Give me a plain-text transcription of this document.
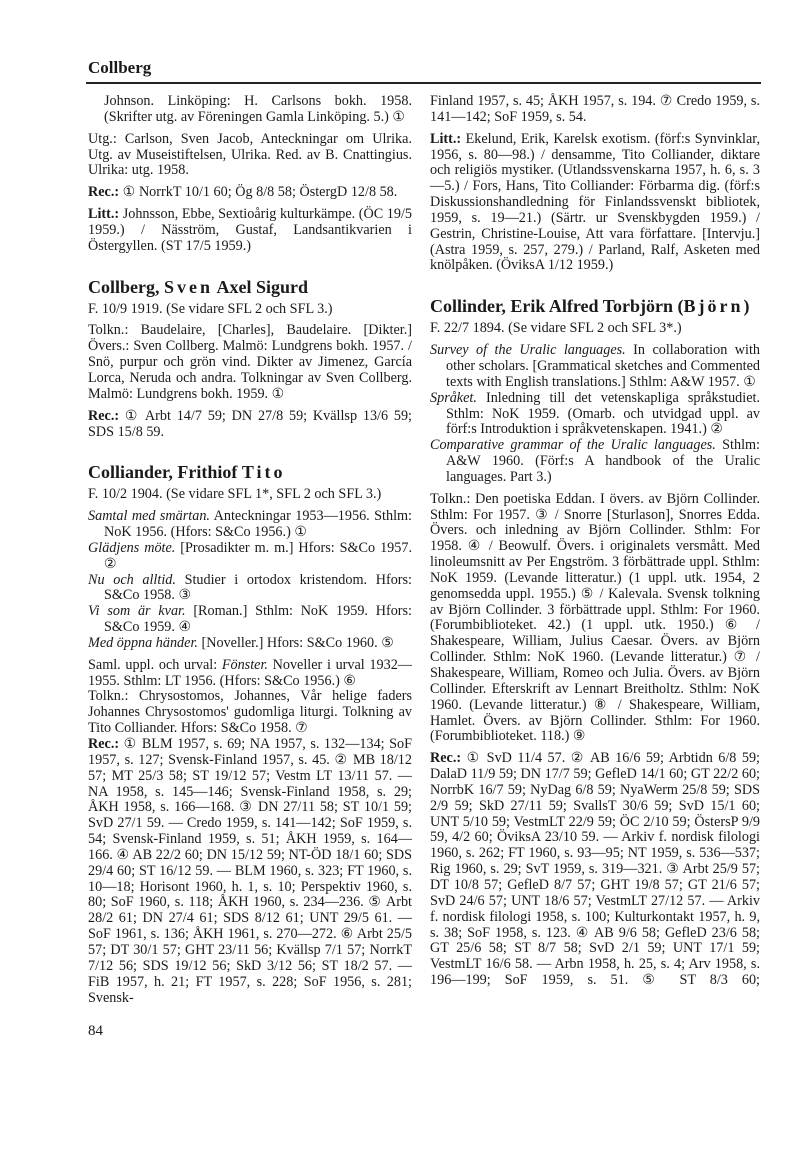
Collberg
Johnson. Linköping: H. Carlsons bokh. 1958. (Skrifter utg. av Föreningen Gamla Linköping. 5.) ①
Utg.: Carlson, Sven Jacob, Anteckningar om Ulrika. Utg. av Museistiftelsen, Ulrika. Red. av B. Cnattingius. Ulrika: utg. 1958.
Rec.: ① NorrkT 10/1 60; Ög 8/8 58; ÖstergD 12/8 58.
Litt.: Johnsson, Ebbe, Sextioårig kulturkämpe. (ÖC 19/5 1959.) / Näsström, Gustaf, Landsantikvarien i Östergyllen. (ST 17/5 1959.)
Collberg, Sven Axel Sigurd
F. 10/9 1919. (Se vidare SFL 2 och SFL 3.)
Tolkn.: Baudelaire, [Charles], Baudelaire. [Dikter.] Övers.: Sven Collberg. Malmö: Lundgrens bokh. 1957. / Snö, purpur och grön vind. Dikter av Jimenez, García Lorca, Neruda och andra. Tolkningar av Sven Collberg. Malmö: Lundgrens bokh. 1959. ①
Rec.: ① Arbt 14/7 59; DN 27/8 59; Kvällsp 13/6 59; SDS 15/8 59.
Colliander, Frithiof Tito
F. 10/2 1904. (Se vidare SFL 1*, SFL 2 och SFL 3.)
Samtal med smärtan. Anteckningar 1953—1956. Sthlm: NoK 1956. (Hfors: S&Co 1956.) ①
Glädjens möte. [Prosadikter m. m.] Hfors: S&Co 1957. ②
Nu och alltid. Studier i ortodox kristendom. Hfors: S&Co 1958. ③
Vi som är kvar. [Roman.] Sthlm: NoK 1959. Hfors: S&Co 1959. ④
Med öppna händer. [Noveller.] Hfors: S&Co 1960. ⑤
Saml. uppl. och urval: Fönster. Noveller i urval 1932—1955. Sthlm: LT 1956. (Hfors: S&Co 1956.) ⑥
Tolkn.: Chrysostomos, Johannes, Vår helige faders Johannes Chrysostomos' gudomliga liturgi. Tolkning av Tito Colliander. Hfors: S&Co 1958. ⑦
Rec.: ① BLM 1957, s. 69; NA 1957, s. 132—134; SoF 1957, s. 127; Svensk-Finland 1957, s. 45. ② MB 18/12 57; MT 25/3 58; ST 19/12 57; Vestm LT 13/11 57. — NA 1958, s. 145—146; Svensk-Finland 1958, s. 29; ÅKH 1958, s. 166—168. ③ DN 27/11 58; ST 10/1 59; SvD 27/1 59. — Credo 1959, s. 141—142; SoF 1959, s. 54; Svensk-Finland 1959, s. 51; ÅKH 1959, s. 164—166. ④ AB 22/2 60; DN 15/12 59; NT-ÖD 18/1 60; SDS 29/4 60; ST 16/12 59. — BLM 1960, s. 323; FT 1960, s. 10—18; Horisont 1960, h. 1, s. 10; Perspektiv 1960, s. 80; SoF 1960, s. 118; ÅKH 1960, s. 234—236. ⑤ Arbt 28/2 61; DN 27/4 61; SDS 8/12 61; UNT 29/5 61. — SoF 1961, s. 136; ÅKH 1961, s. 270—272. ⑥ Arbt 25/5 57; DT 30/1 57; GHT 23/11 56; Kvällsp 7/1 57; NorrkT 7/12 56; SDS 19/12 56; SkD 3/12 56; ST 18/2 57. — FiB 1957, h. 21; FT 1957, s. 228; SoF 1956, s. 281; Svensk-
84
Finland 1957, s. 45; ÅKH 1957, s. 194. ⑦ Credo 1959, s. 141—142; SoF 1959, s. 54.
Litt.: Ekelund, Erik, Karelsk exotism. (förf:s Synvinklar, 1956, s. 80—98.) / densamme, Tito Colliander, diktare och religiös mystiker. (Utlandssvenskarna 1957, h. 6, s. 3—5.) / Fors, Hans, Tito Colliander: Förbarma dig. (förf:s Diskussionshandledning för Finlandssvenskt bibliotek, 1959, s. 19—21.) (Särtr. ur Svenskbygden 1959.) / Gestrin, Christine-Louise, Att vara författare. [Intervju.] (Astra 1959, s. 257, 279.) / Parland, Ralf, Asketen med knölpåken. (ÖviksA 1/12 1959.)
Collinder, Erik Alfred Torbjörn (Björn)
F. 22/7 1894. (Se vidare SFL 2 och SFL 3*.)
Survey of the Uralic languages. In collaboration with other scholars. [Grammatical sketches and Commented texts with English translations.] Sthlm: A&W 1957. ①
Språket. Inledning till det vetenskapliga språkstudiet. Sthlm: NoK 1959. (Omarb. och utvidgad uppl. av förf:s Introduktion i språkvetenskapen. 1941.) ②
Comparative grammar of the Uralic languages. Sthlm: A&W 1960. (Förf:s A handbook of the Uralic languages. Part 3.)
Tolkn.: Den poetiska Eddan. I övers. av Björn Collinder. Sthlm: For 1957. ③ / Snorre [Sturlason], Snorres Edda. Övers. och inledning av Björn Collinder. Sthlm: For 1958. ④ / Beowulf. Övers. i originalets versmått. Med linoleumsnitt av Per Engström. 3 förbättrade uppl. Sthlm: NoK 1959. (Levande litteratur.) (1 uppl. utk. 1954, 2 genomsedda uppl. 1955.) ⑤ / Kalevala. Svensk tolkning av Björn Collinder. 3 förbättrade uppl. Sthlm: For 1960. (Forumbiblioteket. 42.) (1 uppl. utk. 1950.) ⑥ / Shakespeare, William, Julius Caesar. Övers. av Björn Collinder. Sthlm: NoK 1960. (Levande litteratur.) ⑦ / Shakespeare, William, Romeo och Julia. Övers. av Björn Collinder. Efterskrift av Lennart Breitholtz. Sthlm: NoK 1960. (Levande litteratur.) ⑧ / Shakespeare, William, Hamlet. Övers. av Björn Collinder. Sthlm: For 1960. (Forumbiblioteket. 118.) ⑨
Rec.: ① SvD 11/4 57. ② AB 16/6 59; Arbtidn 6/8 59; DalaD 11/9 59; DN 17/7 59; GefleD 14/1 60; GT 22/2 60; NorrbK 16/7 59; NyDag 6/8 59; NyaWerm 25/8 59; SDS 2/9 59; SkD 27/11 59; SvallsT 30/6 59; SvD 15/1 60; UNT 5/10 59; VestmLT 22/9 59; ÖC 2/10 59; ÖstersP 9/9 59, 4/2 60; ÖviksA 23/10 59. — Arkiv f. nordisk filologi 1960, s. 262; FT 1960, s. 93—95; NT 1959, s. 536—537; Rig 1960, s. 29; SvT 1959, s. 319—321. ③ Arbt 25/9 57; DT 10/8 57; GefleD 8/7 57; GHT 19/8 57; GT 21/6 57; SvD 24/6 57; UNT 18/6 57; VestmLT 27/12 57. — Arkiv f. nordisk filologi 1958, s. 100; Kulturkontakt 1957, h. 9, s. 38; SoF 1958, s. 123. ④ AB 9/6 58; GefleD 23/6 58; GT 25/6 58; ST 8/7 58; SvD 2/1 59; UNT 17/1 59; VestmLT 16/6 58. — Arbn 1958, h. 25, s. 4; Arv 1958, s. 196—199; SoF 1959, s. 51. ⑤ ST 8/3 60;
